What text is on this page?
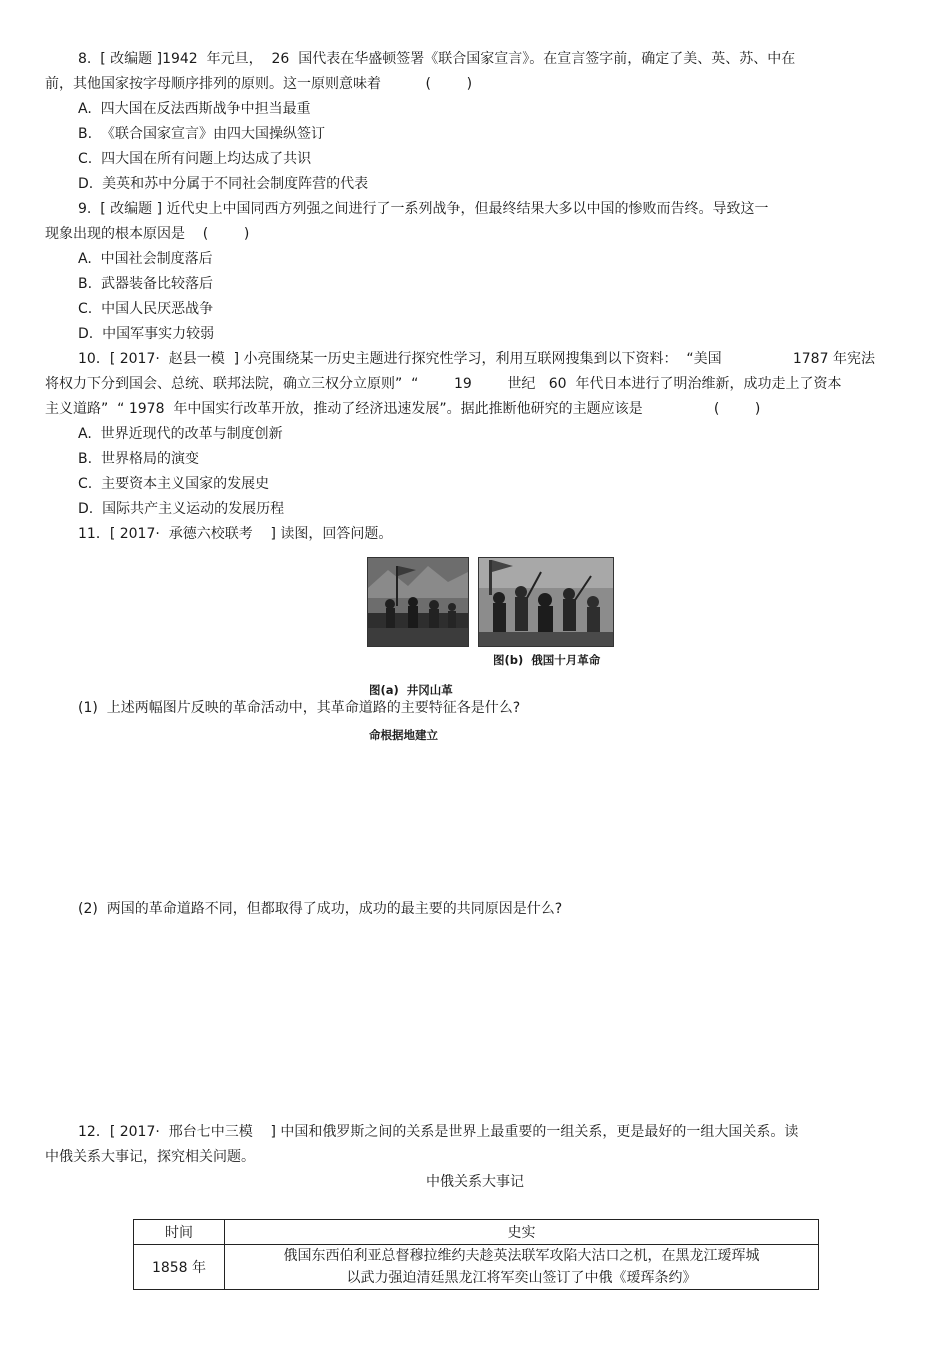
8.  [ 改编题 ]1942  年元旦，  26  国代表在华盛顿签署《联合国家宣言》。在宣言签字前，确定了美、英、苏、中在
前，其他国家按字母顺序排列的原则。这一原则意味着          (        )
A.  四大国在反法西斯战争中担当最重
B.  《联合国家宣言》由四大国操纵签订
C.  四大国在所有问题上均达成了共识
D.  美英和苏中分属于不同社会制度阵营的代表
9.  [ 改编题 ] 近代史上中国同西方列强之间进行了一系列战争，但最终结果大多以中国的惨败而告终。导致这一
现象出现的根本原因是    (        )
A.  中国社会制度落后
B.  武器装备比较落后
C.  中国人民厌恶战争
D.  中国军事实力较弱
10．[ 2017·  赵县一模  ] 小亮围绕某一历史主题进行探究性学习，利用互联网搜集到以下资料：  “美国                1787 年宪法
将权力下分到国会、总统、联邦法院，确立三权分立原则”  “        19        世纪   60  年代日本进行了明治维新，成功走上了资本
主义道路”  “ 1978  年中国实行改革开放，推动了经济迅速发展”。据此推断他研究的主题应该是                (        )
A.  世界近现代的改革与制度创新
B.  世界格局的演变
C.  主要资本主义国家的发展史
D.  国际共产主义运动的发展历程
11．[ 2017·  承德六校联考    ] 读图，回答问题。

图(a)  井冈山革

命根据地建立

图(b)  俄国十月革命
(1)  上述两幅图片反映的革命活动中，其革命道路的主要特征各是什么?
(2)  两国的革命道路不同，但都取得了成功，成功的最主要的共同原因是什么?
12．[ 2017·  邢台七中三模    ] 中国和俄罗斯之间的关系是世界上最重要的一组关系，更是最好的一组大国关系。读
中俄关系大事记，探究相关问题。
中俄关系大事记
时间	史实
1858 年	俄国东西伯利亚总督穆拉维约夫趁英法联军攻陷大沽口之机，在黑龙江瑷珲城
以武力强迫清廷黑龙江将军奕山签订了中俄《瑷珲条约》
